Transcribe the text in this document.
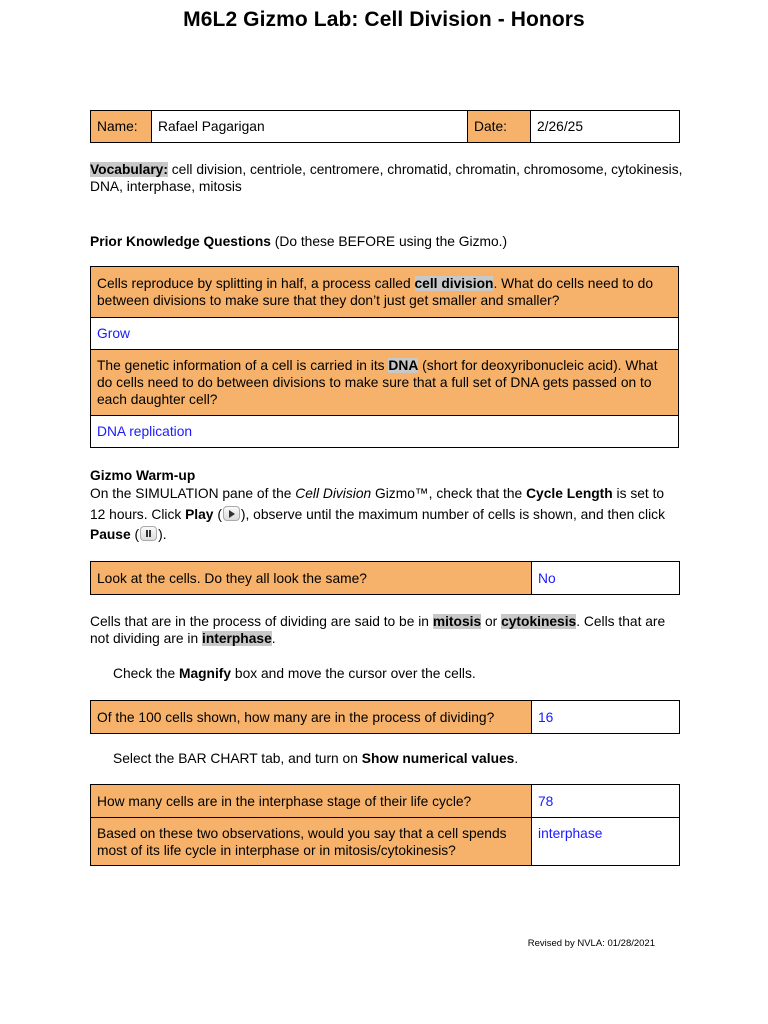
M6L2 Gizmo Lab: Cell Division - Honors
Name:	Rafael Pagarigan	Date:	2/26/25
Vocabulary: cell division, centriole, centromere, chromatid, chromatin, chromosome, cytokinesis, DNA, interphase, mitosis
Prior Knowledge Questions (Do these BEFORE using the Gizmo.)
Cells reproduce by splitting in half, a process called cell division. What do cells need to do between divisions to make sure that they don’t just get smaller and smaller?
Grow
The genetic information of a cell is carried in its DNA (short for deoxyribonucleic acid). What do cells need to do between divisions to make sure that a full set of DNA gets passed on to each daughter cell?
DNA replication
Gizmo Warm-up
On the SIMULATION pane of the Cell Division Gizmo™, check that the Cycle Length is set to 12 hours. Click Play ( ), observe until the maximum number of cells is shown, and then click Pause ( ).
Look at the cells. Do they all look the same?	No
Cells that are in the process of dividing are said to be in mitosis or cytokinesis. Cells that are not dividing are in interphase.
Check the Magnify box and move the cursor over the cells.
Of the 100 cells shown, how many are in the process of dividing?	16
Select the BAR CHART tab, and turn on Show numerical values.
How many cells are in the interphase stage of their life cycle?	78
Based on these two observations, would you say that a cell spends most of its life cycle in interphase or in mitosis/cytokinesis?	interphase
Revised by NVLA: 01/28/2021
